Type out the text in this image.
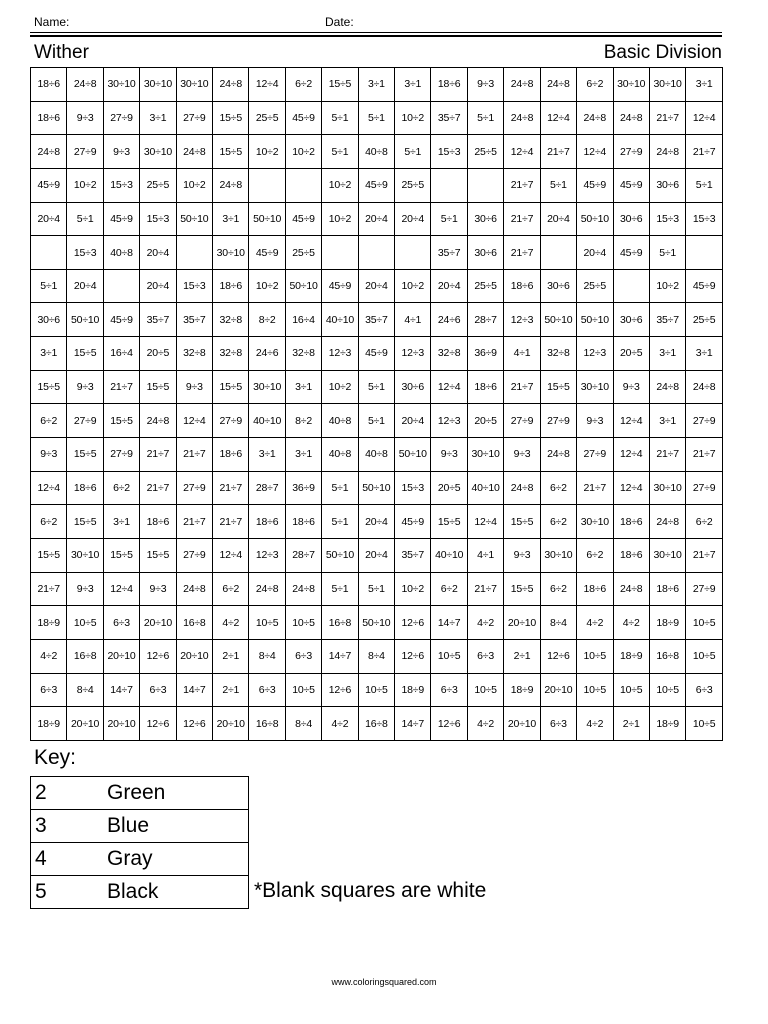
Name:	Date:
Wither	Basic Division
18÷6	24÷8	30÷10	30÷10	30÷10	24÷8	12÷4	6÷2	15÷5	3÷1	3÷1	18÷6	9÷3	24÷8	24÷8	6÷2	30÷10	30÷10	3÷1
18÷6	9÷3	27÷9	3÷1	27÷9	15÷5	25÷5	45÷9	5÷1	5÷1	10÷2	35÷7	5÷1	24÷8	12÷4	24÷8	24÷8	21÷7	12÷4
24÷8	27÷9	9÷3	30÷10	24÷8	15÷5	10÷2	10÷2	5÷1	40÷8	5÷1	15÷3	25÷5	12÷4	21÷7	12÷4	27÷9	24÷8	21÷7
45÷9	10÷2	15÷3	25÷5	10÷2	24÷8			10÷2	45÷9	25÷5			21÷7	5÷1	45÷9	45÷9	30÷6	5÷1
20÷4	5÷1	45÷9	15÷3	50÷10	3÷1	50÷10	45÷9	10÷2	20÷4	20÷4	5÷1	30÷6	21÷7	20÷4	50÷10	30÷6	15÷3	15÷3
	15÷3	40÷8	20÷4		30÷10	45÷9	25÷5				35÷7	30÷6	21÷7		20÷4	45÷9	5÷1	
5÷1	20÷4		20÷4	15÷3	18÷6	10÷2	50÷10	45÷9	20÷4	10÷2	20÷4	25÷5	18÷6	30÷6	25÷5		10÷2	45÷9
30÷6	50÷10	45÷9	35÷7	35÷7	32÷8	8÷2	16÷4	40÷10	35÷7	4÷1	24÷6	28÷7	12÷3	50÷10	50÷10	30÷6	35÷7	25÷5
3÷1	15÷5	16÷4	20÷5	32÷8	32÷8	24÷6	32÷8	12÷3	45÷9	12÷3	32÷8	36÷9	4÷1	32÷8	12÷3	20÷5	3÷1	3÷1
15÷5	9÷3	21÷7	15÷5	9÷3	15÷5	30÷10	3÷1	10÷2	5÷1	30÷6	12÷4	18÷6	21÷7	15÷5	30÷10	9÷3	24÷8	24÷8
6÷2	27÷9	15÷5	24÷8	12÷4	27÷9	40÷10	8÷2	40÷8	5÷1	20÷4	12÷3	20÷5	27÷9	27÷9	9÷3	12÷4	3÷1	27÷9
9÷3	15÷5	27÷9	21÷7	21÷7	18÷6	3÷1	3÷1	40÷8	40÷8	50÷10	9÷3	30÷10	9÷3	24÷8	27÷9	12÷4	21÷7	21÷7
12÷4	18÷6	6÷2	21÷7	27÷9	21÷7	28÷7	36÷9	5÷1	50÷10	15÷3	20÷5	40÷10	24÷8	6÷2	21÷7	12÷4	30÷10	27÷9
6÷2	15÷5	3÷1	18÷6	21÷7	21÷7	18÷6	18÷6	5÷1	20÷4	45÷9	15÷5	12÷4	15÷5	6÷2	30÷10	18÷6	24÷8	6÷2
15÷5	30÷10	15÷5	15÷5	27÷9	12÷4	12÷3	28÷7	50÷10	20÷4	35÷7	40÷10	4÷1	9÷3	30÷10	6÷2	18÷6	30÷10	21÷7
21÷7	9÷3	12÷4	9÷3	24÷8	6÷2	24÷8	24÷8	5÷1	5÷1	10÷2	6÷2	21÷7	15÷5	6÷2	18÷6	24÷8	18÷6	27÷9
18÷9	10÷5	6÷3	20÷10	16÷8	4÷2	10÷5	10÷5	16÷8	50÷10	12÷6	14÷7	4÷2	20÷10	8÷4	4÷2	4÷2	18÷9	10÷5
4÷2	16÷8	20÷10	12÷6	20÷10	2÷1	8÷4	6÷3	14÷7	8÷4	12÷6	10÷5	6÷3	2÷1	12÷6	10÷5	18÷9	16÷8	10÷5
6÷3	8÷4	14÷7	6÷3	14÷7	2÷1	6÷3	10÷5	12÷6	10÷5	18÷9	6÷3	10÷5	18÷9	20÷10	10÷5	10÷5	10÷5	6÷3
18÷9	20÷10	20÷10	12÷6	12÷6	20÷10	16÷8	8÷4	4÷2	16÷8	14÷7	12÷6	4÷2	20÷10	6÷3	4÷2	2÷1	18÷9	10÷5
Key:
2	Green
3	Blue
4	Gray
5	Black	*Blank squares are white
www.coloringsquared.com
